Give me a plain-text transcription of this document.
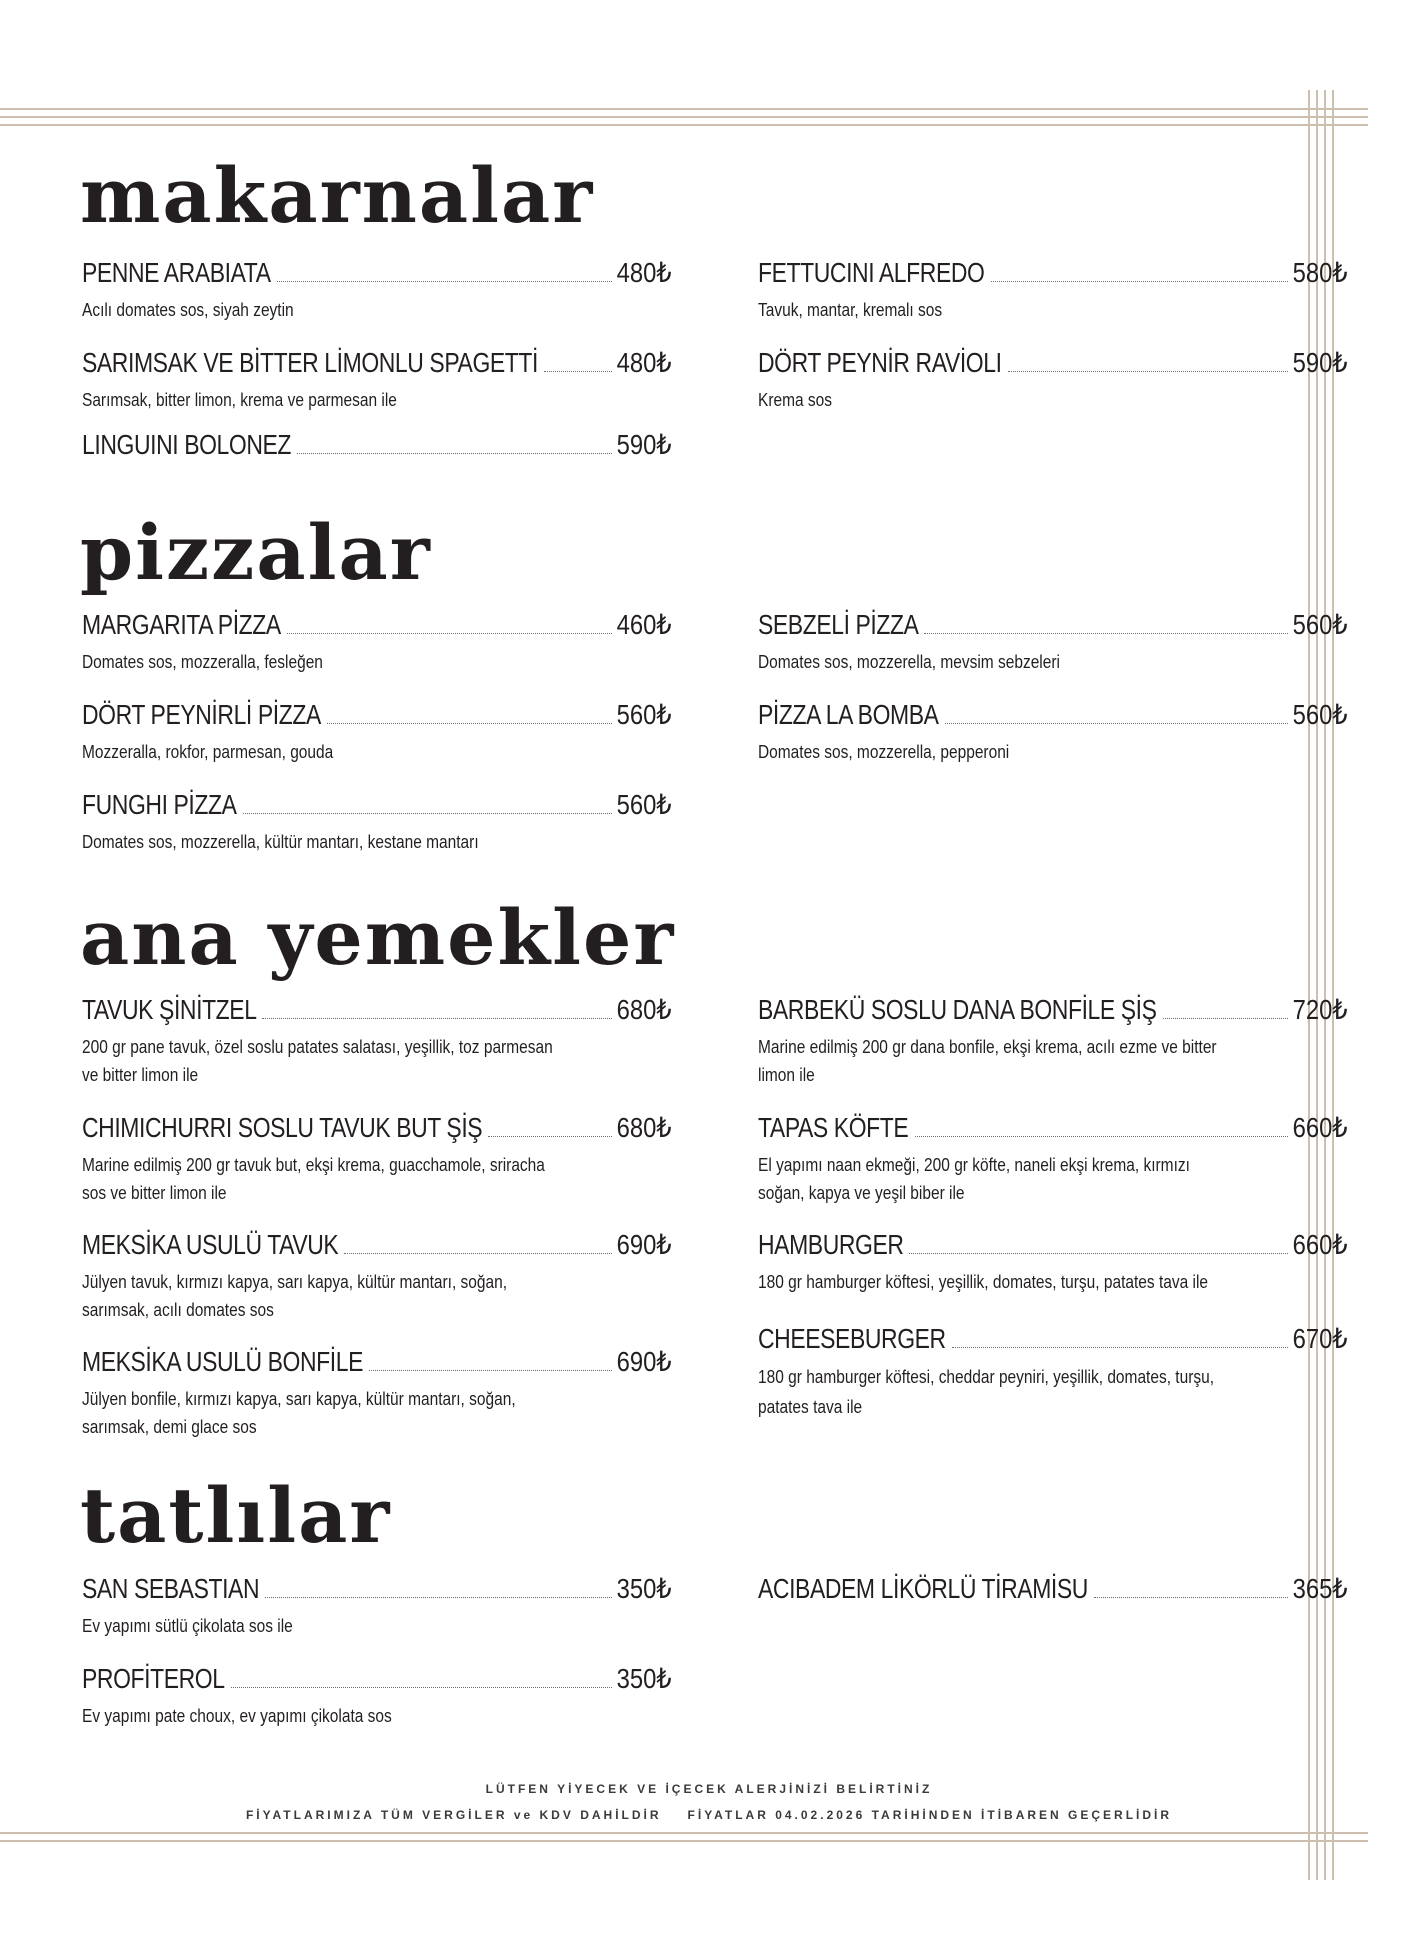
makarnalar
PENNE ARABIATA	480₺
Acılı domates sos, siyah zeytin
FETTUCINI ALFREDO	580₺
Tavuk, mantar, kremalı sos
SARIMSAK VE BİTTER LİMONLU SPAGETTİ	480₺
Sarımsak, bitter limon, krema ve parmesan ile
DÖRT PEYNİR RAVİOLI	590₺
Krema sos
LINGUINI BOLONEZ	590₺
pizzalar
MARGARITA PİZZA	460₺
Domates sos, mozzeralla, fesleğen
SEBZELİ PİZZA	560₺
Domates sos, mozzerella, mevsim sebzeleri
DÖRT PEYNİRLİ PİZZA	560₺
Mozzeralla, rokfor, parmesan, gouda
PİZZA LA BOMBA	560₺
Domates sos, mozzerella, pepperoni
FUNGHI PİZZA	560₺
Domates sos, mozzerella, kültür mantarı, kestane mantarı
ana yemekler
TAVUK ŞİNİTZEL	680₺
200 gr pane tavuk, özel soslu patates salatası, yeşillik, toz parmesan ve bitter limon ile
BARBEKÜ SOSLU DANA BONFİLE ŞİŞ	720₺
Marine edilmiş 200 gr dana bonfile, ekşi krema, acılı ezme ve bitter limon ile
CHIMICHURRI SOSLU TAVUK BUT ŞİŞ	680₺
Marine edilmiş 200 gr tavuk but, ekşi krema, guacchamole, sriracha sos ve bitter limon ile
TAPAS KÖFTE	660₺
El yapımı naan ekmeği, 200 gr köfte, naneli ekşi krema, kırmızı soğan, kapya ve yeşil biber ile
MEKSİKA USULÜ TAVUK	690₺
Jülyen tavuk, kırmızı kapya, sarı kapya, kültür mantarı, soğan, sarımsak, acılı domates sos
HAMBURGER	660₺
180 gr hamburger köftesi, yeşillik, domates, turşu, patates tava ile
MEKSİKA USULÜ BONFİLE	690₺
Jülyen bonfile, kırmızı kapya, sarı kapya, kültür mantarı, soğan, sarımsak, demi glace sos
CHEESEBURGER	670₺
180 gr hamburger köftesi, cheddar peyniri, yeşillik, domates, turşu, patates tava ile
tatlılar
SAN SEBASTIAN	350₺
Ev yapımı sütlü çikolata sos ile
ACIBADEM LİKÖRLÜ TİRAMİSU	365₺
PROFİTEROL	350₺
Ev yapımı pate choux, ev yapımı çikolata sos
LÜTFEN YİYECEK VE İÇECEK ALERJİNİZİ BELİRTİNİZ
FİYATLARIMIZA TÜM VERGİLER ve KDV DAHİLDİR FİYATLAR 04.02.2026 TARİHİNDEN İTİBAREN GEÇERLİDİR
